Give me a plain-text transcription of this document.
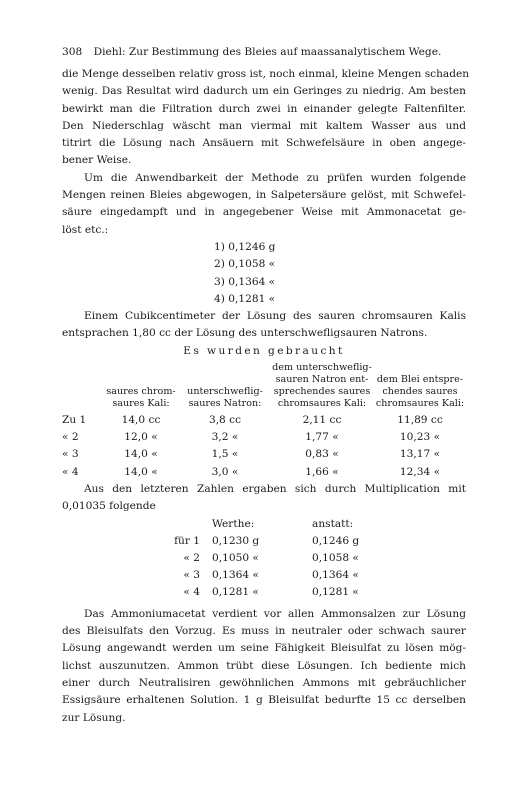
308 Diehl: Zur Bestimmung des Bleies auf maassanalytischem Wege.
die Menge desselben relativ gross ist, noch einmal, kleine Mengen schaden
wenig. Das Resultat wird dadurch um ein Geringes zu niedrig. Am besten
bewirkt man die Filtration durch zwei in einander gelegte Faltenfilter.
Den Niederschlag wäscht man viermal mit kaltem Wasser aus und
titrirt die Lösung nach Ansäuern mit Schwefelsäure in oben angege-
bener Weise.
Um die Anwendbarkeit der Methode zu prüfen wurden folgende
Mengen reinen Bleies abgewogen, in Salpetersäure gelöst, mit Schwefel-
säure eingedampft und in angegebener Weise mit Ammonacetat ge-
löst etc.:
1) 0,1246 g
2) 0,1058 «
3) 0,1364 «
4) 0,1281 «
Einem Cubikcentimeter der Lösung des sauren chromsauren Kalis
entsprachen 1,80 cc der Lösung des unterschwefligsauren Natrons.
Es wurden gebraucht
saures chrom-
saures Kali:
unterschweflig-
saures Natron:
dem unterschweflig-
sauren Natron ent-
sprechendes saures
chromsaures Kali:
dem Blei entspre-
chendes saures
chromsaures Kali:
Zu 1	14,0 cc	3,8 cc	2,11 cc	11,89 cc
« 2	12,0 «	3,2 «	1,77 «	10,23 «
« 3	14,0 «	1,5 «	0,83 «	13,17 «
« 4	14,0 «	3,0 «	1,66 «	12,34 «
Aus den letzteren Zahlen ergaben sich durch Multiplication mit
0,01035 folgende
Werthe:	anstatt:
für 1	0,1230 g	0,1246 g
« 2	0,1050 «	0,1058 «
« 3	0,1364 «	0,1364 «
« 4	0,1281 «	0,1281 «
Das Ammoniumacetat verdient vor allen Ammonsalzen zur Lösung
des Bleisulfats den Vorzug. Es muss in neutraler oder schwach saurer
Lösung angewandt werden um seine Fähigkeit Bleisulfat zu lösen mög-
lichst auszunutzen. Ammon trübt diese Lösungen. Ich bediente mich
einer durch Neutralisiren gewöhnlichen Ammons mit gebräuchlicher
Essigsäure erhaltenen Solution. 1 g Bleisulfat bedurfte 15 cc derselben
zur Lösung.
